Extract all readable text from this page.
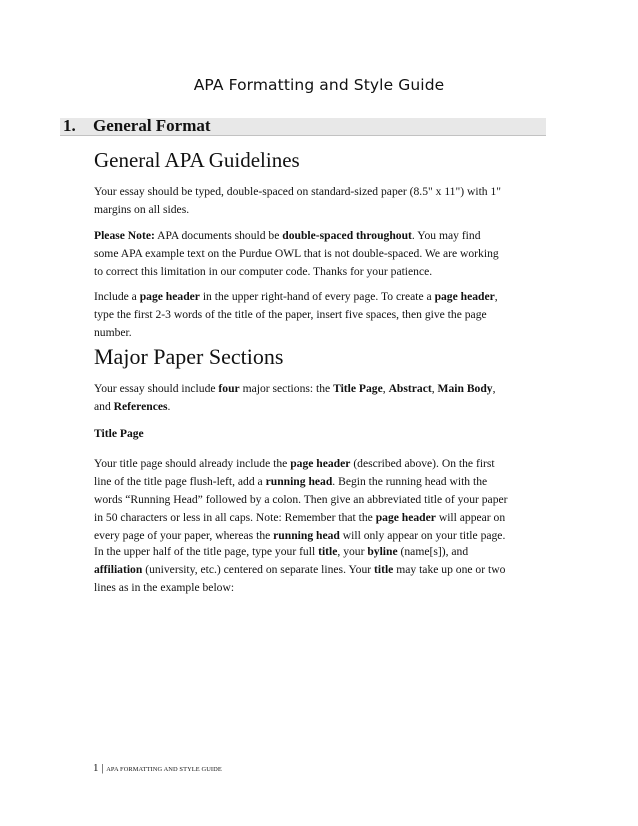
APA Formatting and Style Guide
1. General Format
General APA Guidelines
Your essay should be typed, double-spaced on standard-sized paper (8.5" x 11") with 1"
margins on all sides.
Please Note: APA documents should be double-spaced throughout. You may find
some APA example text on the Purdue OWL that is not double-spaced. We are working
to correct this limitation in our computer code. Thanks for your patience.
Include a page header in the upper right-hand of every page. To create a page header,
type the first 2-3 words of the title of the paper, insert five spaces, then give the page
number.
Major Paper Sections
Your essay should include four major sections: the Title Page, Abstract, Main Body,
and References.
Title Page
Your title page should already include the page header (described above). On the first
line of the title page flush-left, add a running head. Begin the running head with the
words “Running Head” followed by a colon. Then give an abbreviated title of your paper
in 50 characters or less in all caps. Note: Remember that the page header will appear on
every page of your paper, whereas the running head will only appear on your title page.
In the upper half of the title page, type your full title, your byline (name[s]), and
affiliation (university, etc.) centered on separate lines. Your title may take up one or two
lines as in the example below:
1 | APA FORMATTING AND STYLE GUIDE
